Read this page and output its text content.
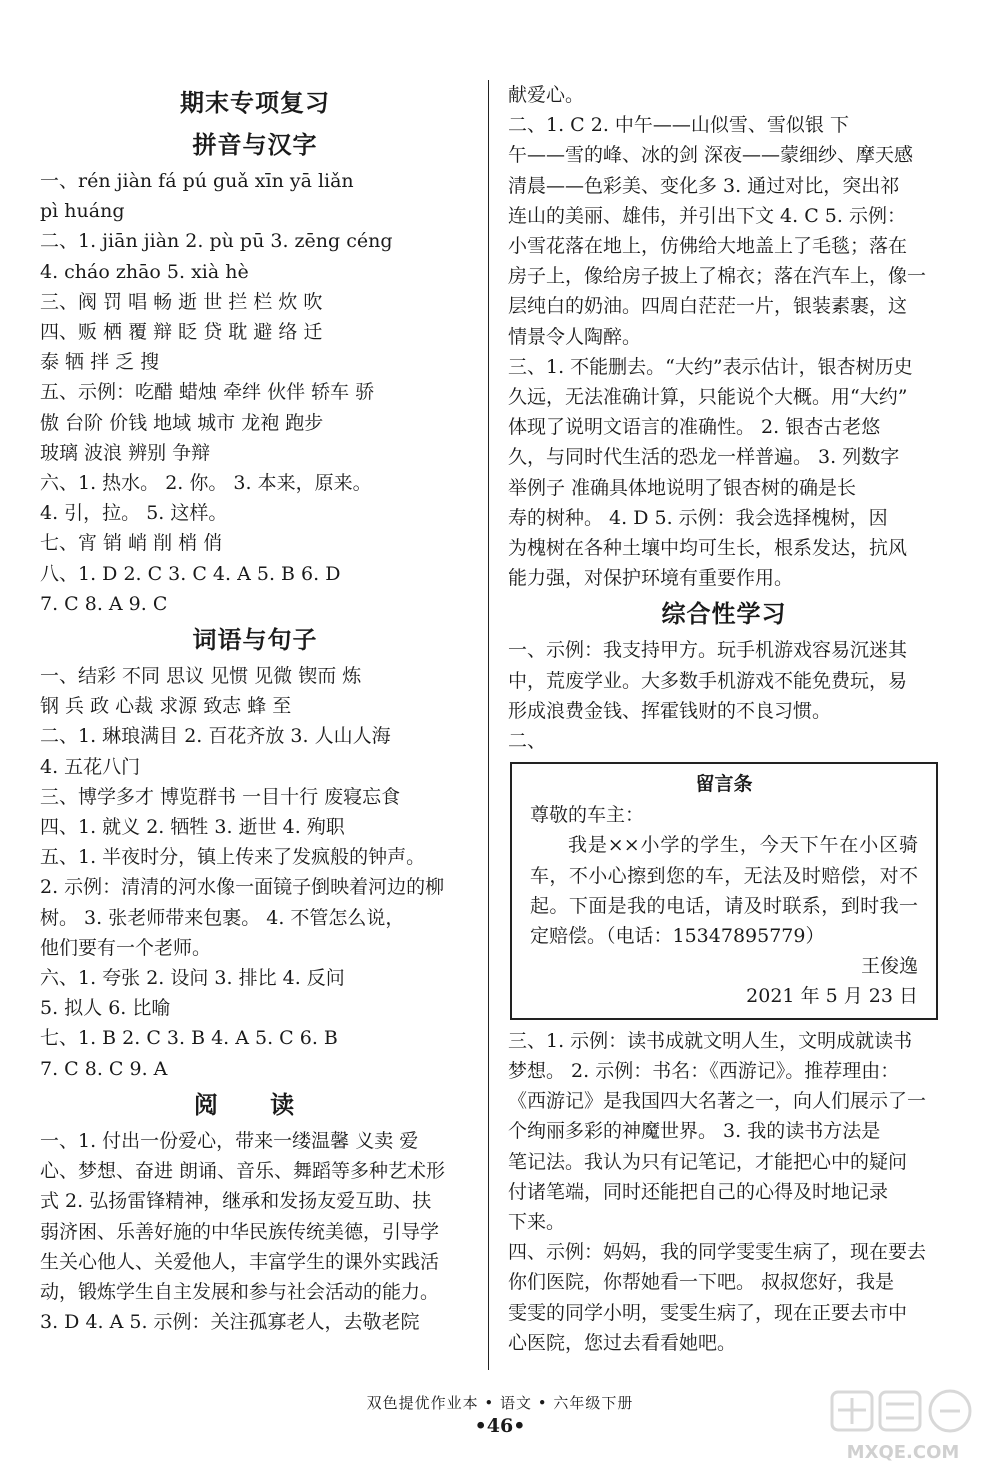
期末专项复习
拼音与汉字

一、rén jiàn fá pú guǎ xīn yā liǎn

pì huáng

二、1. jiān jiàn 2. pù pū 3. zēng céng

4. cháo zhāo 5. xià hè

三、阀 罚 唱 畅 逝 世 拦 栏 炊 吹

四、贩 栖 覆 辩 眨 贷 耽 避 络 迁

泰 牺 拌 乏 搜

五、示例：吃醋 蜡烛 牵绊 伙伴 轿车 骄

傲 台阶 价钱 地域 城市 龙袍 跑步

玻璃 波浪 辨别 争辩

六、1. 热水。 2. 你。 3. 本来，原来。

4. 引，拉。 5. 这样。

七、宵 销 峭 削 梢 俏

八、1. D 2. C 3. C 4. A 5. B 6. D

7. C 8. A 9. C

词语与句子

一、结彩 不同 思议 见惯 见微 锲而 炼

钢 兵 政 心裁 求源 致志 蜂 至

二、1. 琳琅满目 2. 百花齐放 3. 人山人海

4. 五花八门

三、博学多才 博览群书 一目十行 废寝忘食

四、1. 就义 2. 牺牲 3. 逝世 4. 殉职

五、1. 半夜时分，镇上传来了发疯般的钟声。

2. 示例：清清的河水像一面镜子倒映着河边的柳

树。 3. 张老师带来包裹。 4. 不管怎么说，

他们要有一个老师。

六、1. 夸张 2. 设问 3. 排比 4. 反问

5. 拟人 6. 比喻

七、1. B 2. C 3. B 4. A 5. C 6. B

7. C 8. C 9. A

阅 读

一、1. 付出一份爱心，带来一缕温馨 义卖 爱

心、梦想、奋进 朗诵、音乐、舞蹈等多种艺术形

式 2. 弘扬雷锋精神，继承和发扬友爱互助、扶

弱济困、乐善好施的中华民族传统美德，引导学

生关心他人、关爱他人，丰富学生的课外实践活

动，锻炼学生自主发展和参与社会活动的能力。

3. D 4. A 5. 示例：关注孤寡老人，去敬老院

献爱心。

二、1. C 2. 中午——山似雪、雪似银 下

午——雪的峰、冰的剑 深夜——蒙细纱、摩天感

清晨——色彩美、变化多 3. 通过对比，突出祁

连山的美丽、雄伟，并引出下文 4. C 5. 示例：

小雪花落在地上，仿佛给大地盖上了毛毯；落在

房子上，像给房子披上了棉衣；落在汽车上，像一

层纯白的奶油。四周白茫茫一片，银装素裹，这

情景令人陶醉。

三、1. 不能删去。“大约”表示估计，银杏树历史

久远，无法准确计算，只能说个大概。用“大约”

体现了说明文语言的准确性。 2. 银杏古老悠

久，与同时代生活的恐龙一样普遍。 3. 列数字

举例子 准确具体地说明了银杏树的确是长

寿的树种。 4. D 5. 示例：我会选择槐树，因

为槐树在各种土壤中均可生长，根系发达，抗风

能力强，对保护环境有重要作用。

综合性学习

一、示例：我支持甲方。玩手机游戏容易沉迷其

中，荒废学业。大多数手机游戏不能免费玩，易

形成浪费金钱、挥霍钱财的不良习惯。

二、

留言条

尊敬的车主：

我是××小学的学生，今天下午在小区骑车，不小心擦到您的车，无法及时赔偿，对不起。下面是我的电话，请及时联系，到时我一定赔偿。（电话：15347895779）

王俊逸
2021 年 5 月 23 日

三、1. 示例：读书成就文明人生，文明成就读书

梦想。 2. 示例：书名：《西游记》。推荐理由：

《西游记》是我国四大名著之一，向人们展示了一

个绚丽多彩的神魔世界。 3. 我的读书方法是

笔记法。我认为只有记笔记，才能把心中的疑问

付诸笔端，同时还能把自己的心得及时地记录

下来。

四、示例：妈妈，我的同学雯雯生病了，现在要去

你们医院，你帮她看一下吧。 叔叔您好，我是

雯雯的同学小明，雯雯生病了，现在正要去市中

心医院，您过去看看她吧。

双色提优作业本 • 语文 • 六年级下册
•46•
MXQE.COM
